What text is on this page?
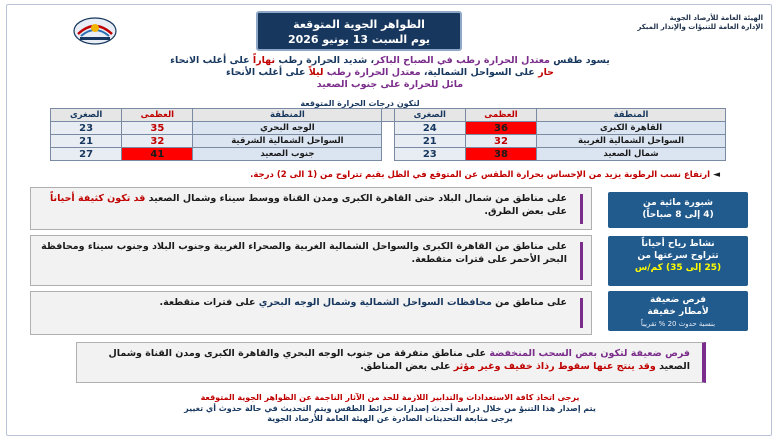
الهيئة العامة للأرصاد الجوية
الإدارة العامة للتنبؤات والإنذار المبكر
الظواهر الجوية المتوقعة
يوم السبت 13 يونيو 2026
يسود طقس معتدل الحرارة رطب في الصباح الباكر، شديد الحرارة رطب نهاراً على أغلب الانحاء
حار على السواحل الشمالية، معتدل الحرارة رطب ليلاً على أغلب الأنحاء
مائل للحرارة على جنوب الصعيد
لتكون درجات الحرارة المتوقعة
المنطقة	العظمى	الصغرى		المنطقة	العظمى	الصغرى
القاهرة الكبرى	36	24		الوجه البحري	35	23
السواحل الشمالية الغربية	32	21		السواحل الشمالية الشرقية	32	21
شمال الصعيد	38	23		جنوب الصعيد	41	27
◄ارتفاع نسب الرطوبة يزيد من الإحساس بحرارة الطقس عن المتوقع في الظل بقيم تتراوح من (1 الى 2) درجة.
على مناطق من شمال البلاد حتى القاهرة الكبرى ومدن القناة ووسط سيناء وشمال الصعيد قد تكون كثيفة أحياناً على بعض الطرق.
شبورة مائية من
(4 إلى 8 صباحاً)
على مناطق من القاهرة الكبرى والسواحل الشمالية الغربية والصحراء الغربية وجنوب البلاد وجنوب سيناء ومحافظة البحر الأحمر على فترات متقطعة.
نشاط رياح أحياناً
تتراوح سرعتها من
(25 إلى 35) كم/س
على مناطق من محافظات السواحل الشمالية وشمال الوجه البحري على فترات متقطعة.	فرص ضعيفة
لأمطار خفيفة
بنسبة حدوث 20 % تقريباً
فرص ضعيفة لتكون بعض السحب المنخفضة على مناطق متفرقة من جنوب الوجه البحري والقاهرة الكبرى ومدن القناة وشمال الصعيد وقد ينتج عنها سقوط رذاذ خفيف وغير مؤثر على بعض المناطق.
يرجى اتخاذ كافة الاستعدادات والتدابير اللازمة للحد من الآثار الناجمة عن الظواهر الجوية المتوقعة
يتم إصدار هذا التنبؤ من خلال دراسة أحدث إصدارات خرائط الطقس ويتم التحديث في حالة حدوث أي تغيير
يرجى متابعة التحديثات الصادرة عن الهيئة العامة للأرصاد الجوية
